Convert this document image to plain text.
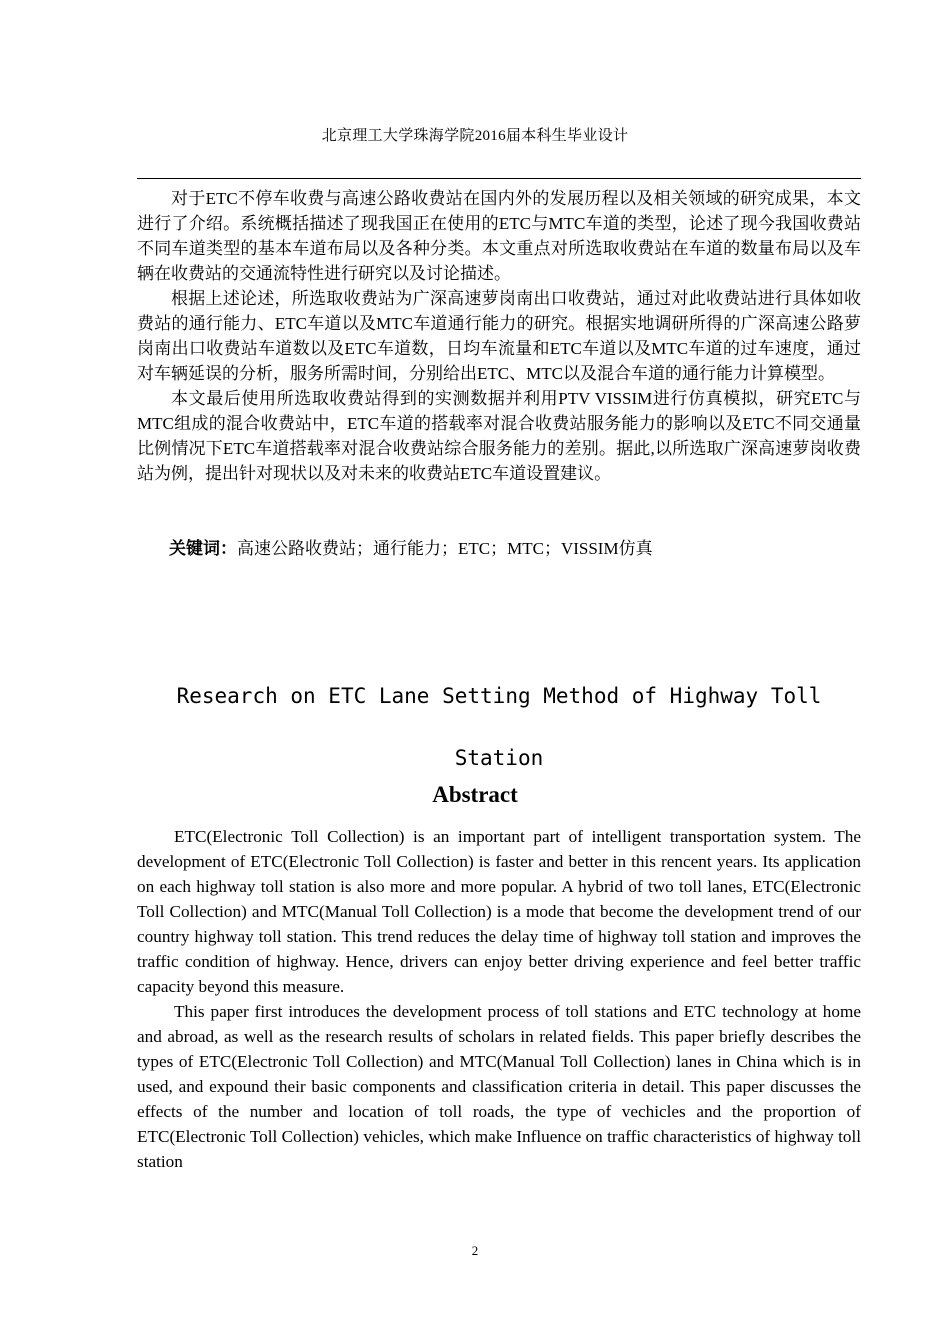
北京理工大学珠海学院2016届本科生毕业设计

对于ETC不停车收费与高速公路收费站在国内外的发展历程以及相关领域的研究成果，本文进行了介绍。系统概括描述了现我国正在使用的ETC与MTC车道的类型，论述了现今我国收费站不同车道类型的基本车道布局以及各种分类。本文重点对所选取收费站在车道的数量布局以及车辆在收费站的交通流特性进行研究以及讨论描述。

根据上述论述，所选取收费站为广深高速萝岗南出口收费站，通过对此收费站进行具体如收费站的通行能力、ETC车道以及MTC车道通行能力的研究。根据实地调研所得的广深高速公路萝岗南出口收费站车道数以及ETC车道数，日均车流量和ETC车道以及MTC车道的过车速度，通过对车辆延误的分析，服务所需时间，分别给出ETC、MTC以及混合车道的通行能力计算模型。

本文最后使用所选取收费站得到的实测数据并利用PTV VISSIM进行仿真模拟，研究ETC与MTC组成的混合收费站中，ETC车道的搭载率对混合收费站服务能力的影响以及ETC不同交通量比例情况下ETC车道搭载率对混合收费站综合服务能力的差别。据此,以所选取广深高速萝岗收费站为例，提出针对现状以及对未来的收费站ETC车道设置建议。

关键词：高速公路收费站；通行能力；ETC；MTC；VISSIM仿真
Research on ETC Lane Setting Method of Highway Toll
Station
Abstract

ETC(Electronic Toll Collection) is an important part of intelligent transportation system. The development of ETC(Electronic Toll Collection) is faster and better in this rencent years. Its application on each highway toll station is also more and more popular. A hybrid of two toll lanes, ETC(Electronic Toll Collection) and MTC(Manual Toll Collection) is a mode that become the development trend of our country highway toll station. This trend reduces the delay time of highway toll station and improves the traffic condition of highway. Hence, drivers can enjoy better driving experience and feel better traffic capacity beyond this measure.

This paper first introduces the development process of toll stations and ETC technology at home and abroad, as well as the research results of scholars in related fields. This paper briefly describes the types of ETC(Electronic Toll Collection) and MTC(Manual Toll Collection) lanes in China which is in used, and expound their basic components and classification criteria in detail. This paper discusses the effects of the number and location of toll roads, the type of vechicles and the proportion of ETC(Electronic Toll Collection) vehicles, which make Influence on traffic characteristics of highway toll station

2
